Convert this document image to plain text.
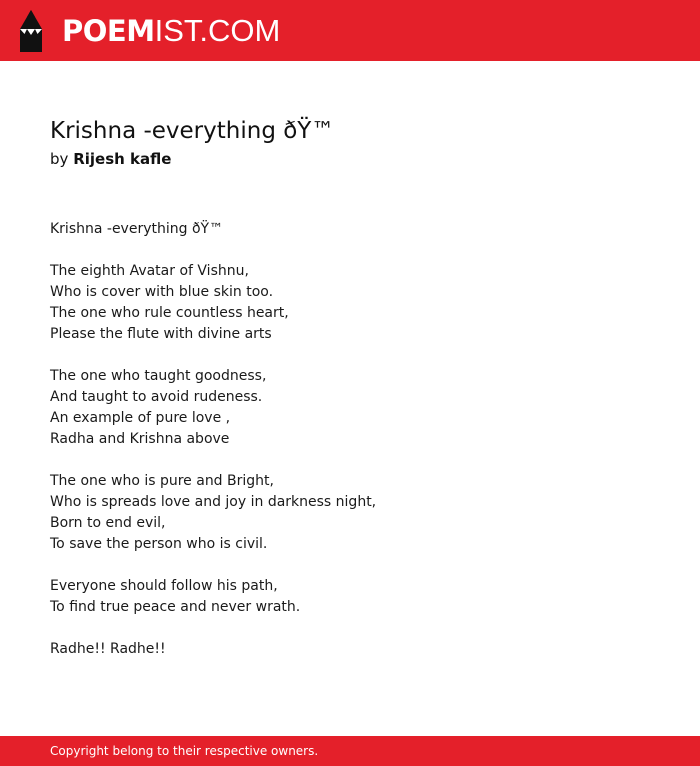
POEMIST.COM
Krishna -everything ðŸ™
by Rijesh kafle
Krishna -everything ðŸ™
The eighth Avatar of Vishnu,
Who is cover with blue skin too.
The one who rule countless heart,
Please the flute with divine arts
The one who taught goodness,
And taught to avoid rudeness.
An example of pure love ,
Radha and Krishna above
The one who is pure and Bright,
Who is spreads love and joy in darkness night,
Born to end evil,
To save the person who is civil.
Everyone should follow his path,
To find true peace and never wrath.
Radhe!! Radhe!!
Copyright belong to their respective owners.
